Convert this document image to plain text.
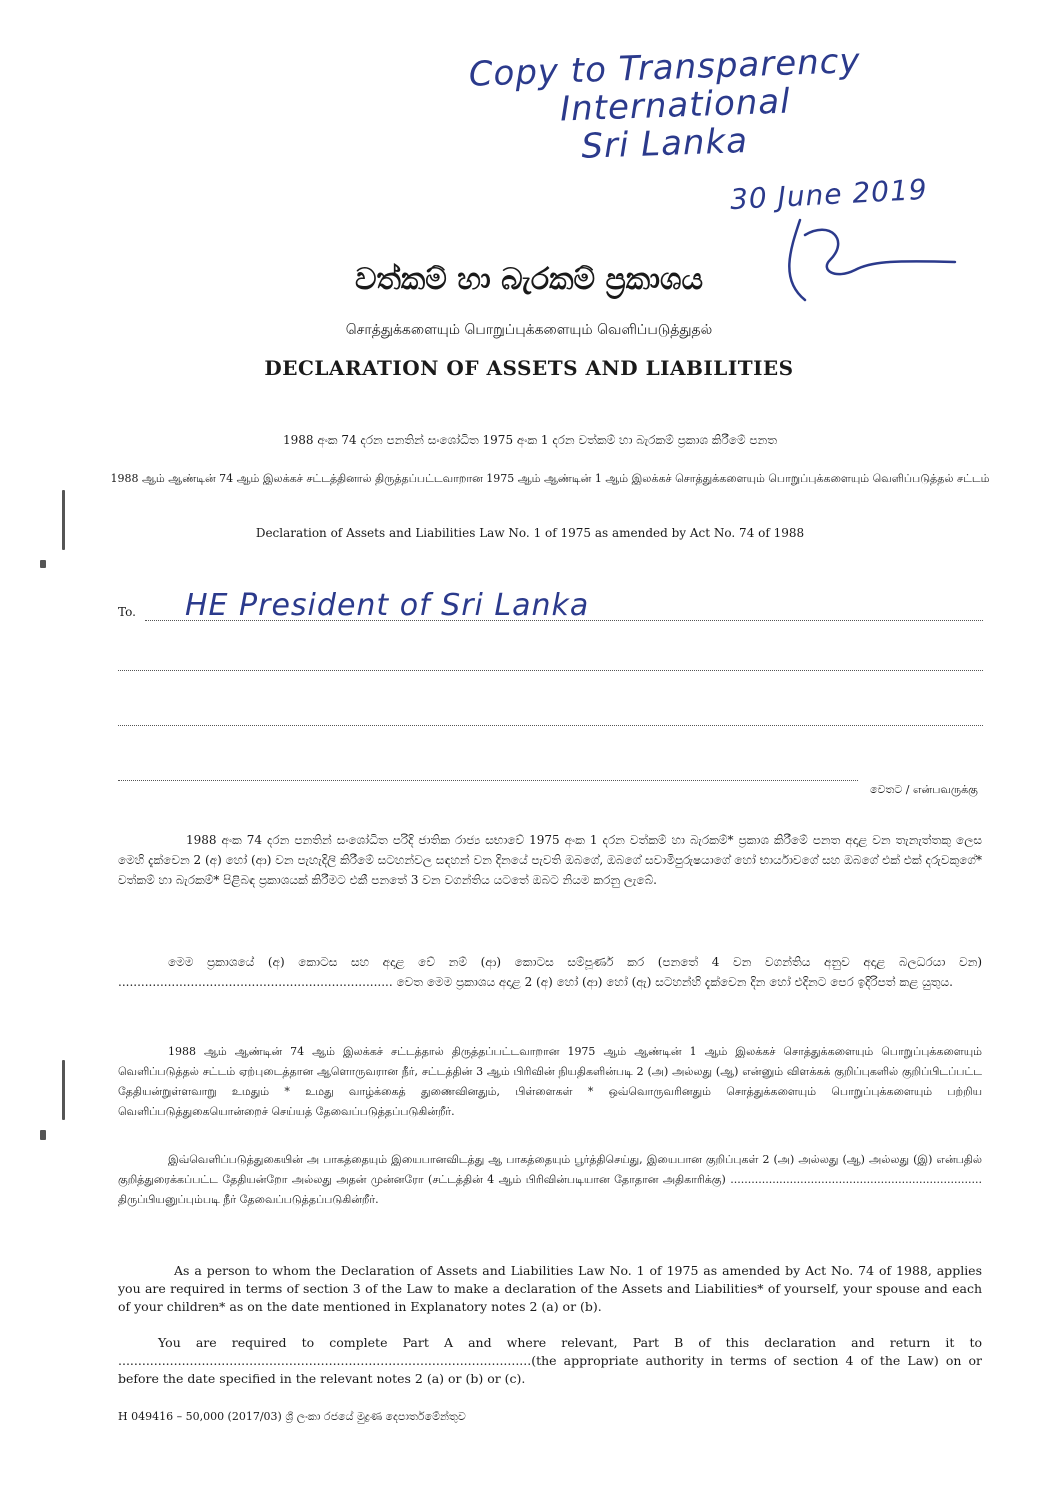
Copy to Transparency
International
Sri Lanka
30 June 2019
වත්කම් හා බැරකම් ප්‍රකාශය
சொத்துக்களையும் பொறுப்புக்களையும் வெளிப்படுத்துதல்
DECLARATION OF ASSETS AND LIABILITIES
1988 අංක 74 දරන පනතින් සංශෝධිත 1975 අංක 1 දරන වත්කම් හා බැරකම් ප්‍රකාශ කිරීමේ පනත
1988 ஆம் ஆண்டின் 74 ஆம் இலக்கச் சட்டத்தினால் திருத்தப்பட்டவாறான 1975 ஆம் ஆண்டின் 1 ஆம் இலக்கச் சொத்துக்களையும் பொறுப்புக்களையும் வெளிப்படுத்தல் சட்டம்
Declaration of Assets and Liabilities Law No. 1 of 1975 as amended by Act No. 74 of 1988
To. HE President of Sri Lanka
වෙතට / என்பவருக்கு
1988 අංක 74 දරන පනතින් සංශෝධිත පරිදි ජාතික රාජ්‍ය සභාවේ 1975 අංක 1 දරන වත්කම් හා බැරකම්* ප්‍රකාශ කිරීමේ පනත අදාළ වන තැනැත්තකු ලෙස මෙහි දැක්වෙන 2 (අ) හෝ (ආ) වන පැහැදිලි කිරීමේ සටහන්වල සඳහන් වන දිනයේ පැවති ඔබගේ, ඔබගේ සවාමිපුරුෂයාගේ හෝ භාර්යාවගේ සහ ඔබගේ එක් එක් දරුවකුගේ* වත්කම් හා බැරකම්* පිළිබඳ ප්‍රකාශයක් කිරීමට එකී පනතේ 3 වන වගන්තිය යටතේ ඔබට නියම කරනු ලැබේ.
මෙම ප්‍රකාශයේ (අ) කොටස සහ අදාළ වේ නම් (ආ) කොටස සම්පූර්ණ කර (පනතේ 4 වන වගන්තිය අනුව අදාළ බලධරයා වන) ........................................................................ වෙත මෙම ප්‍රකාශය අදාළ 2 (අ) හෝ (ආ) හෝ (ඇ) සටහන්හි දැක්වෙන දින හෝ එදිනට පෙර ඉදිරිපත් කළ යුතුය.
1988 ஆம் ஆண்டின் 74 ஆம் இலக்கச் சட்டத்தால் திருத்தப்பட்டவாறான 1975 ஆம் ஆண்டின் 1 ஆம் இலக்கச் சொத்துக்களையும் பொறுப்புக்களையும் வெளிப்படுத்தல் சட்டம் ஏற்புடைத்தான ஆளொருவரான நீர், சட்டத்தின் 3 ஆம் பிரிவின் நியதிகளின்படி 2 (அ) அல்லது (ஆ) என்னும் விளக்கக் குறிப்புகளில் குறிப்பிடப்பட்ட தேதியன்றுள்ளவாறு உமதும் * உமது வாழ்க்கைத் துணைவினதும், பிள்ளைகள் * ஒவ்வொருவரினதும் சொத்துக்களையும் பொறுப்புக்களையும் பற்றிய வெளிப்படுத்துகையொன்றைச் செய்யத் தேவைப்படுத்தப்படுகின்றீர்.
இவ்வெளிப்படுத்துகையின் அ பாகத்தையும் இயைபானவிடத்து ஆ பாகத்தையும் பூர்த்திசெய்து, இயைபான குறிப்புகள் 2 (அ) அல்லது (ஆ) அல்லது (இ) என்பதில் குறித்துரைக்கப்பட்ட தேதியன்றோ அல்லது அதன் முன்னரோ (சட்டத்தின் 4 ஆம் பிரிவின்படியான தோதான அதிகாரிக்கு) ........................................................................ திருப்பியனுப்பும்படி நீர் தேவைப்படுத்தப்படுகின்றீர்.
As a person to whom the Declaration of Assets and Liabilities Law No. 1 of 1975 as amended by Act No. 74 of 1988, applies you are required in terms of section 3 of the Law to make a declaration of the Assets and Liabilities* of yourself, your spouse and each of your children* as on the date mentioned in Explanatory notes 2 (a) or (b).
You are required to complete Part A and where relevant, Part B of this declaration and return it to ........................................................................................................(the appropriate authority in terms of section 4 of the Law) on or before the date specified in the relevant notes 2 (a) or (b) or (c).
H 049416 – 50,000 (2017/03) ශ්‍රී ලංකා රජයේ මුද්‍රණ දෙපාර්තමේන්තුව
